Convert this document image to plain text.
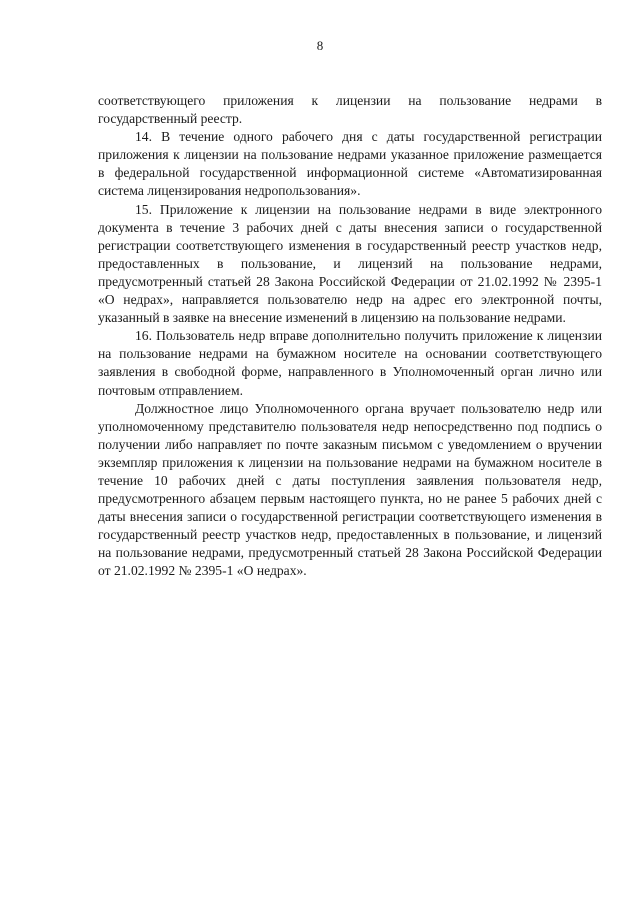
8

соответствующего приложения к лицензии на пользование недрами в государственный реестр.

14. В течение одного рабочего дня с даты государственной регистрации приложения к лицензии на пользование недрами указанное приложение размещается в федеральной государственной информационной системе «Автоматизированная система лицензирования недропользования».

15. Приложение к лицензии на пользование недрами в виде электронного документа в течение 3 рабочих дней с даты внесения записи о государственной регистрации соответствующего изменения в государственный реестр участков недр, предоставленных в пользование, и лицензий на пользование недрами, предусмотренный статьей 28 Закона Российской Федерации от 21.02.1992 № 2395-1 «О недрах», направляется пользователю недр на адрес его электронной почты, указанный в заявке на внесение изменений в лицензию на пользование недрами.

16. Пользователь недр вправе дополнительно получить приложение к лицензии на пользование недрами на бумажном носителе на основании соответствующего заявления в свободной форме, направленного в Уполномоченный орган лично или почтовым отправлением.

Должностное лицо Уполномоченного органа вручает пользователю недр или уполномоченному представителю пользователя недр непосредственно под подпись о получении либо направляет по почте заказным письмом с уведомлением о вручении экземпляр приложения к лицензии на пользование недрами на бумажном носителе в течение 10 рабочих дней с даты поступления заявления пользователя недр, предусмотренного абзацем первым настоящего пункта, но не ранее 5 рабочих дней с даты внесения записи о государственной регистрации соответствующего изменения в государственный реестр участков недр, предоставленных в пользование, и лицензий на пользование недрами, предусмотренный статьей 28 Закона Российской Федерации от 21.02.1992 № 2395-1 «О недрах».
